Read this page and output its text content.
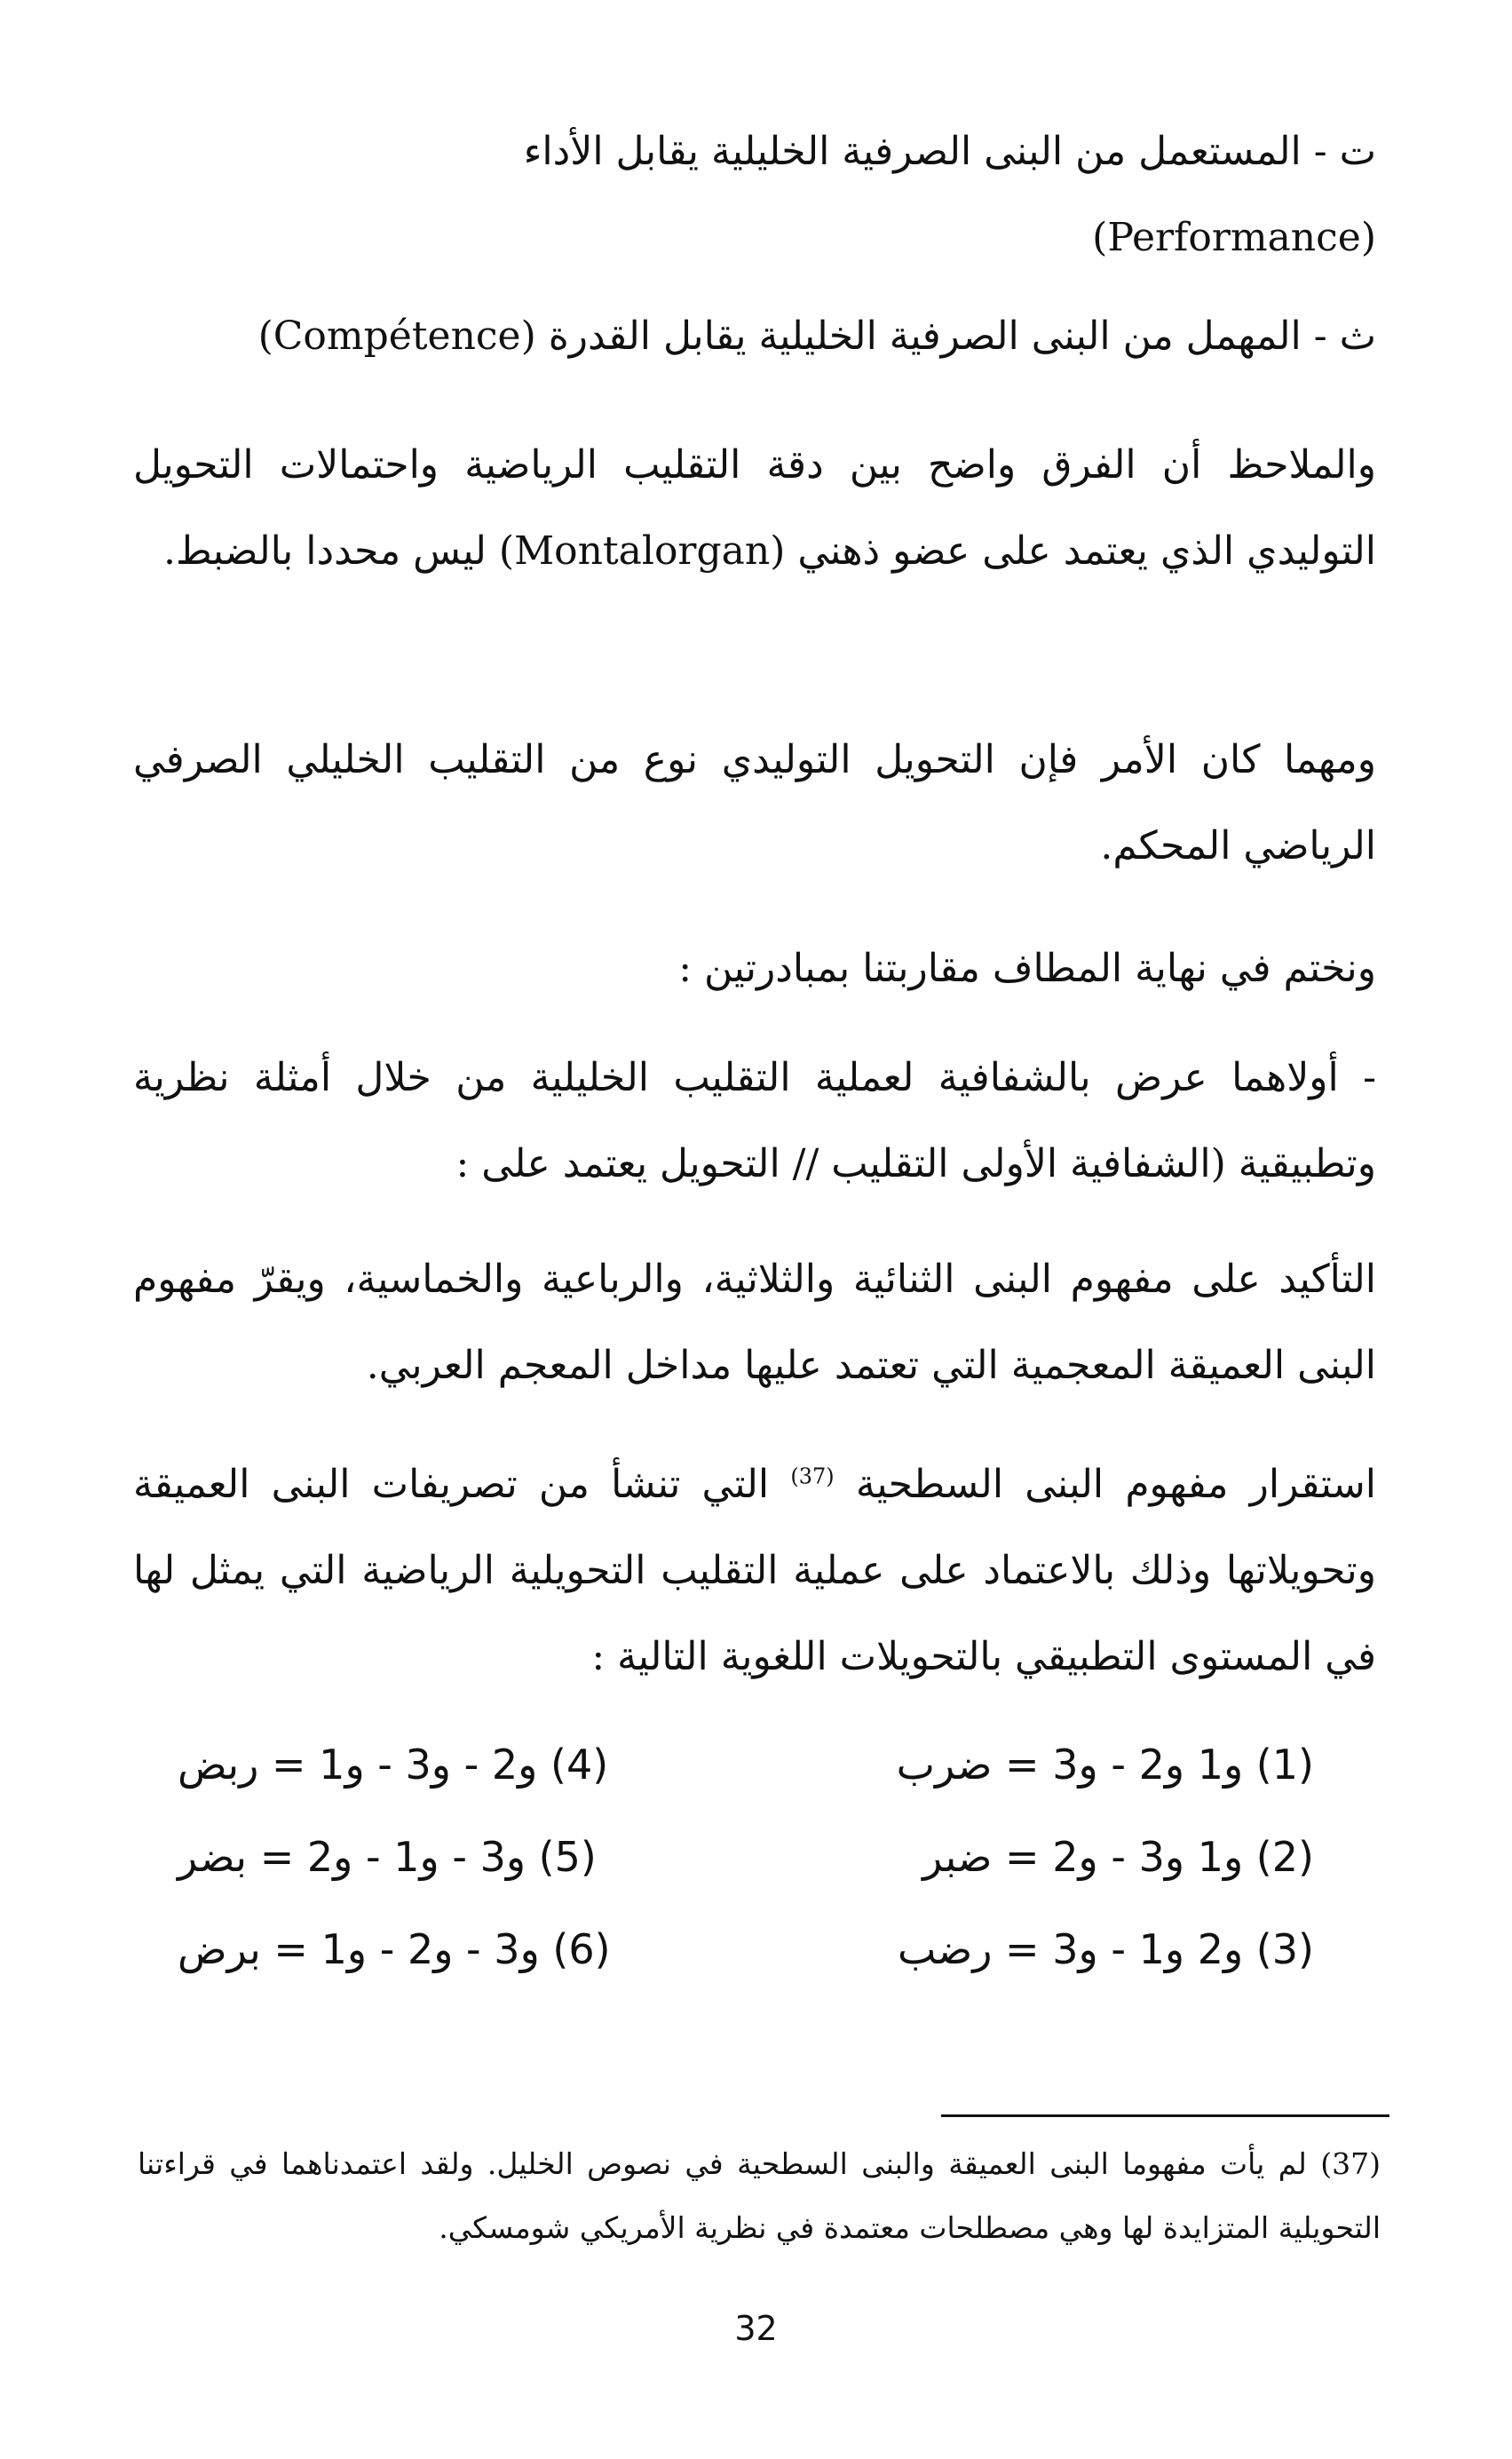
ت - المستعمل من البنى الصرفية الخليلية يقابل الأداء
(Performance)

ث - المهمل من البنى الصرفية الخليلية يقابل القدرة (Compétence)

والملاحظ أن الفرق واضح بين دقة التقليب الرياضية واحتمالات التحويل التوليدي الذي يعتمد على عضو ذهني (Montalorgan) ليس محددا بالضبط.

ومهما كان الأمر فإن التحويل التوليدي نوع من التقليب الخليلي الصرفي الرياضي المحكم.

ونختم في نهاية المطاف مقاربتنا بمبادرتين :

- أولاهما عرض بالشفافية لعملية التقليب الخليلية من خلال أمثلة نظرية وتطبيقية (الشفافية الأولى التقليب // التحويل يعتمد على :

التأكيد على مفهوم البنى الثنائية والثلاثية، والرباعية والخماسية، ويقرّ مفهوم البنى العميقة المعجمية التي تعتمد عليها مداخل المعجم العربي.

استقرار مفهوم البنى السطحية $^{(37)}$ التي تنشأ من تصريفات البنى العميقة وتحويلاتها وذلك بالاعتماد على عملية التقليب التحويلية الرياضية التي يمثل لها في المستوى التطبيقي بالتحويلات اللغوية التالية :

(1) و1 و2 - و3 = ضرب
(4) و2 - و3 - و1 = ربض
(2) و1 و3 - و2 = ضبر
(5) و3 - و1 - و2 = بضر
(3) و2 و1 - و3 = رضب
(6) و3 - و2 - و1 = برض

(37) لم يأت مفهوما البنى العميقة والبنى السطحية في نصوص الخليل. ولقد اعتمدناهما في قراءتنا التحويلية المتزايدة لها وهي مصطلحات معتمدة في نظرية الأمريكي شومسكي.

32
